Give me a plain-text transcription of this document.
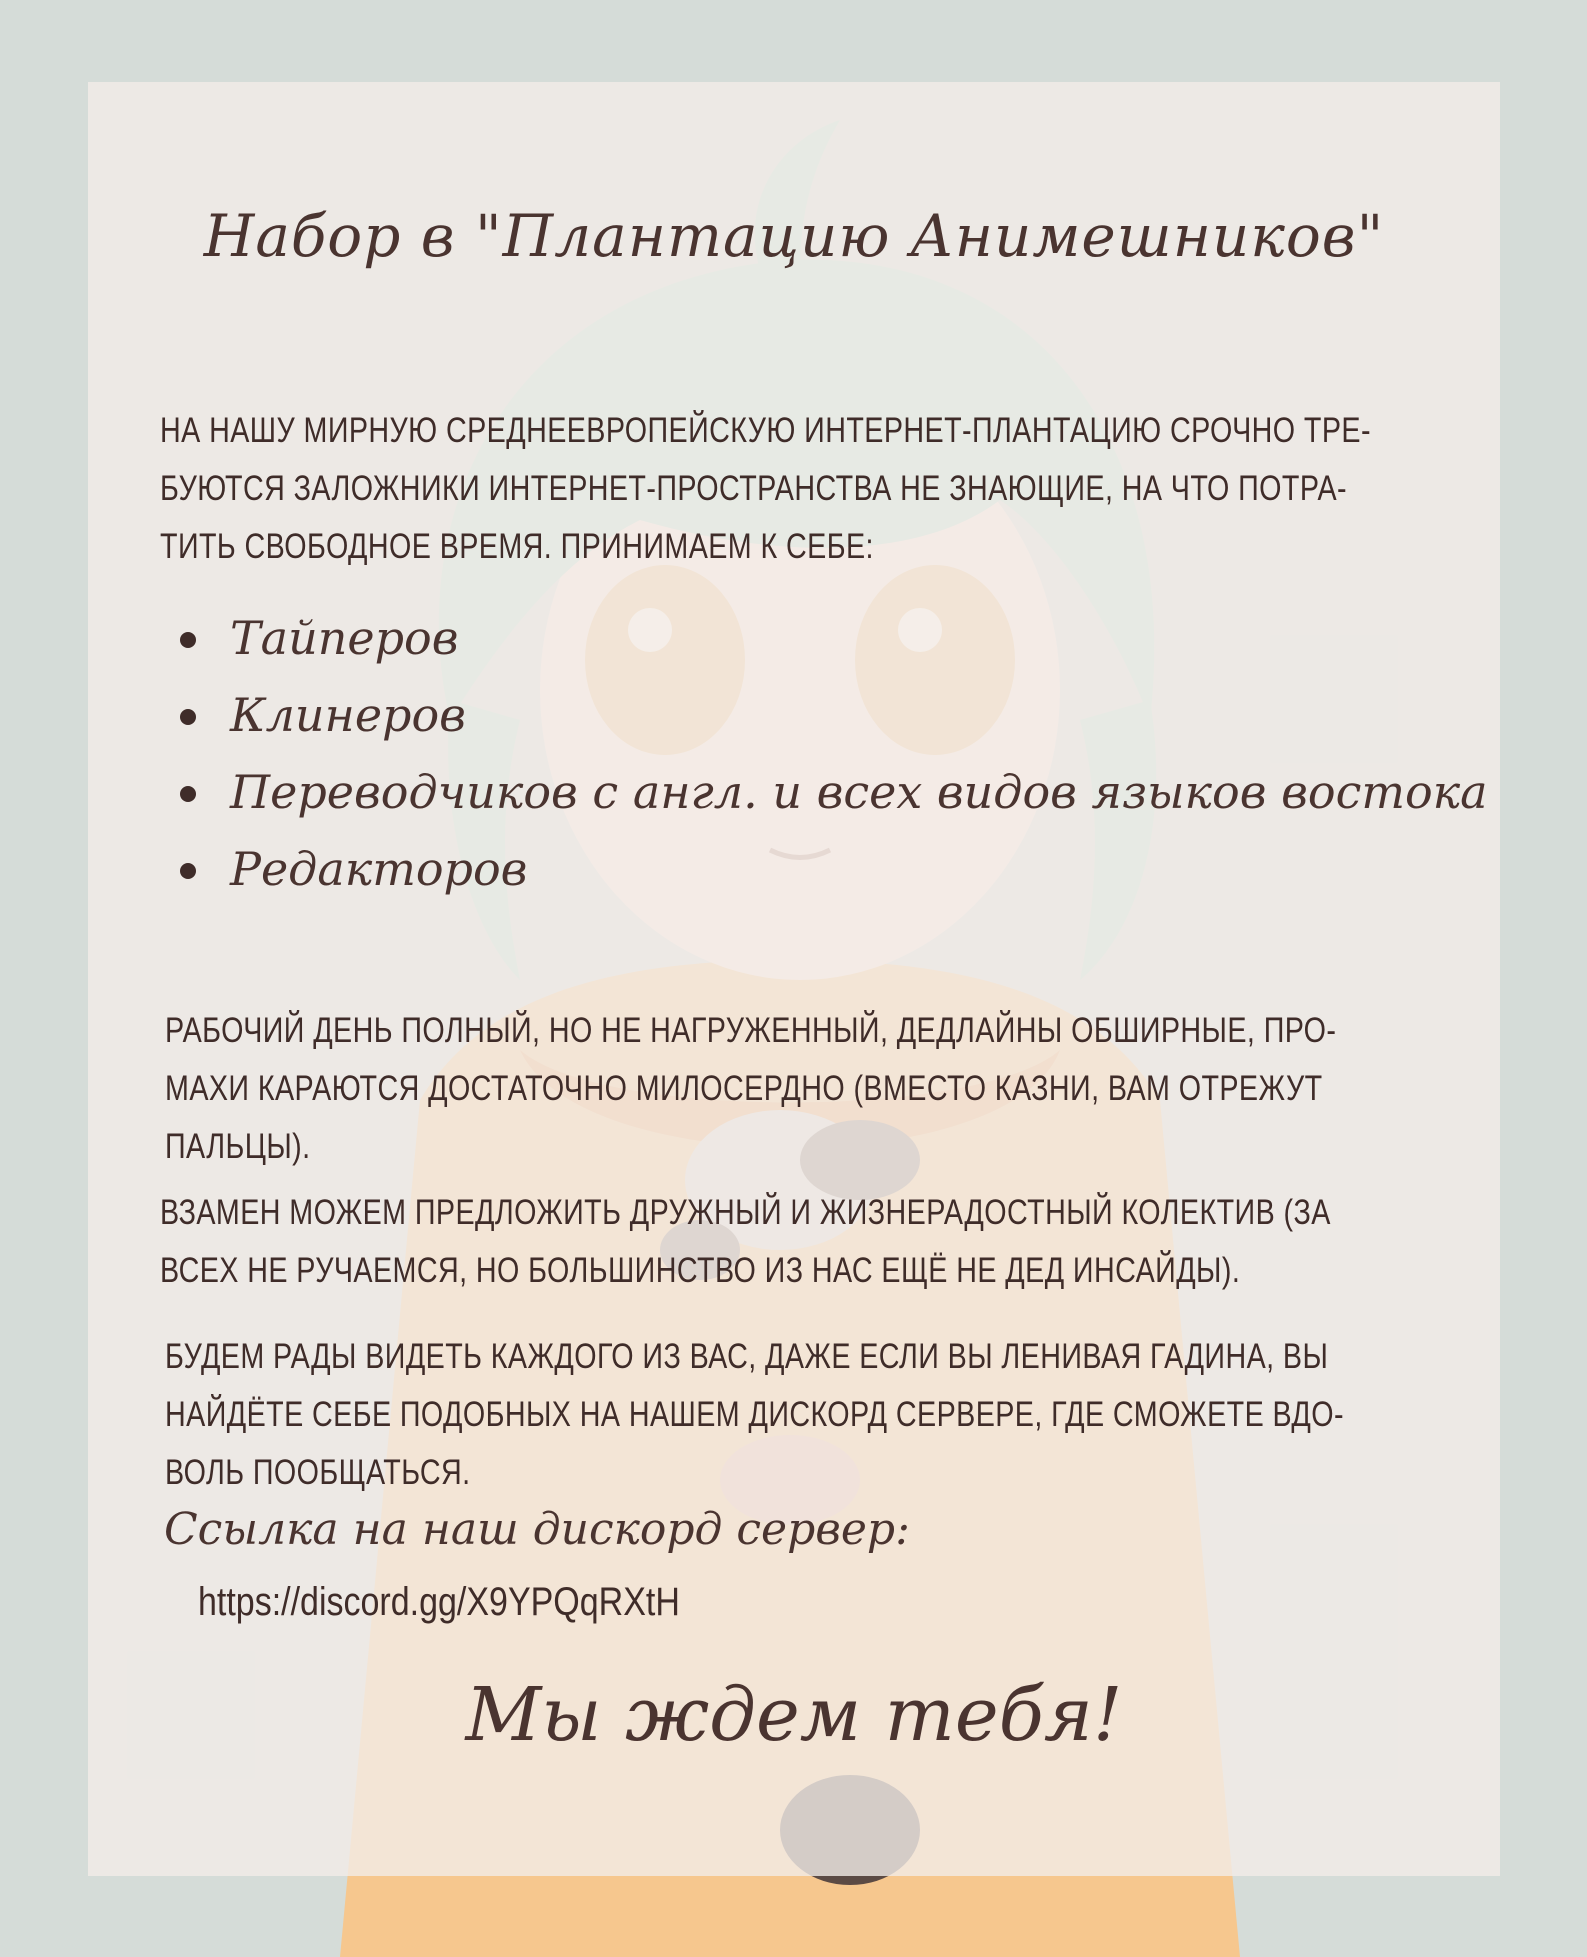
Набор в "Плантацию Анимешников"

НА НАШУ МИРНУЮ СРЕДНЕЕВРОПЕЙСКУЮ ИНТЕРНЕТ-ПЛАНТАЦИЮ СРОЧНО ТРЕ-
БУЮТСЯ ЗАЛОЖНИКИ ИНТЕРНЕТ-ПРОСТРАНСТВА НЕ ЗНАЮЩИЕ, НА ЧТО ПОТРА-
ТИТЬ СВОБОДНОЕ ВРЕМЯ. ПРИНИМАЕМ К СЕБЕ:

Тайперов
Клинеров
Переводчиков с англ. и всех видов языков востока
Редакторов

РАБОЧИЙ ДЕНЬ ПОЛНЫЙ, НО НЕ НАГРУЖЕННЫЙ, ДЕДЛАЙНЫ ОБШИРНЫЕ, ПРО-
МАХИ КАРАЮТСЯ ДОСТАТОЧНО МИЛОСЕРДНО (ВМЕСТО КАЗНИ, ВАМ ОТРЕЖУТ
ПАЛЬЦЫ).

ВЗАМЕН МОЖЕМ ПРЕДЛОЖИТЬ ДРУЖНЫЙ И ЖИЗНЕРАДОСТНЫЙ КОЛЕКТИВ (ЗА
ВСЕХ НЕ РУЧАЕМСЯ, НО БОЛЬШИНСТВО ИЗ НАС ЕЩЁ НЕ ДЕД ИНСАЙДЫ).

БУДЕМ РАДЫ ВИДЕТЬ КАЖДОГО ИЗ ВАС, ДАЖЕ ЕСЛИ ВЫ ЛЕНИВАЯ ГАДИНА, ВЫ
НАЙДЁТЕ СЕБЕ ПОДОБНЫХ НА НАШЕМ ДИСКОРД СЕРВЕРЕ, ГДЕ СМОЖЕТЕ ВДО-
ВОЛЬ ПООБЩАТЬСЯ.

Ссылка на наш дискорд сервер:

https://discord.gg/X9YPQqRXtH
Мы ждем тебя!
